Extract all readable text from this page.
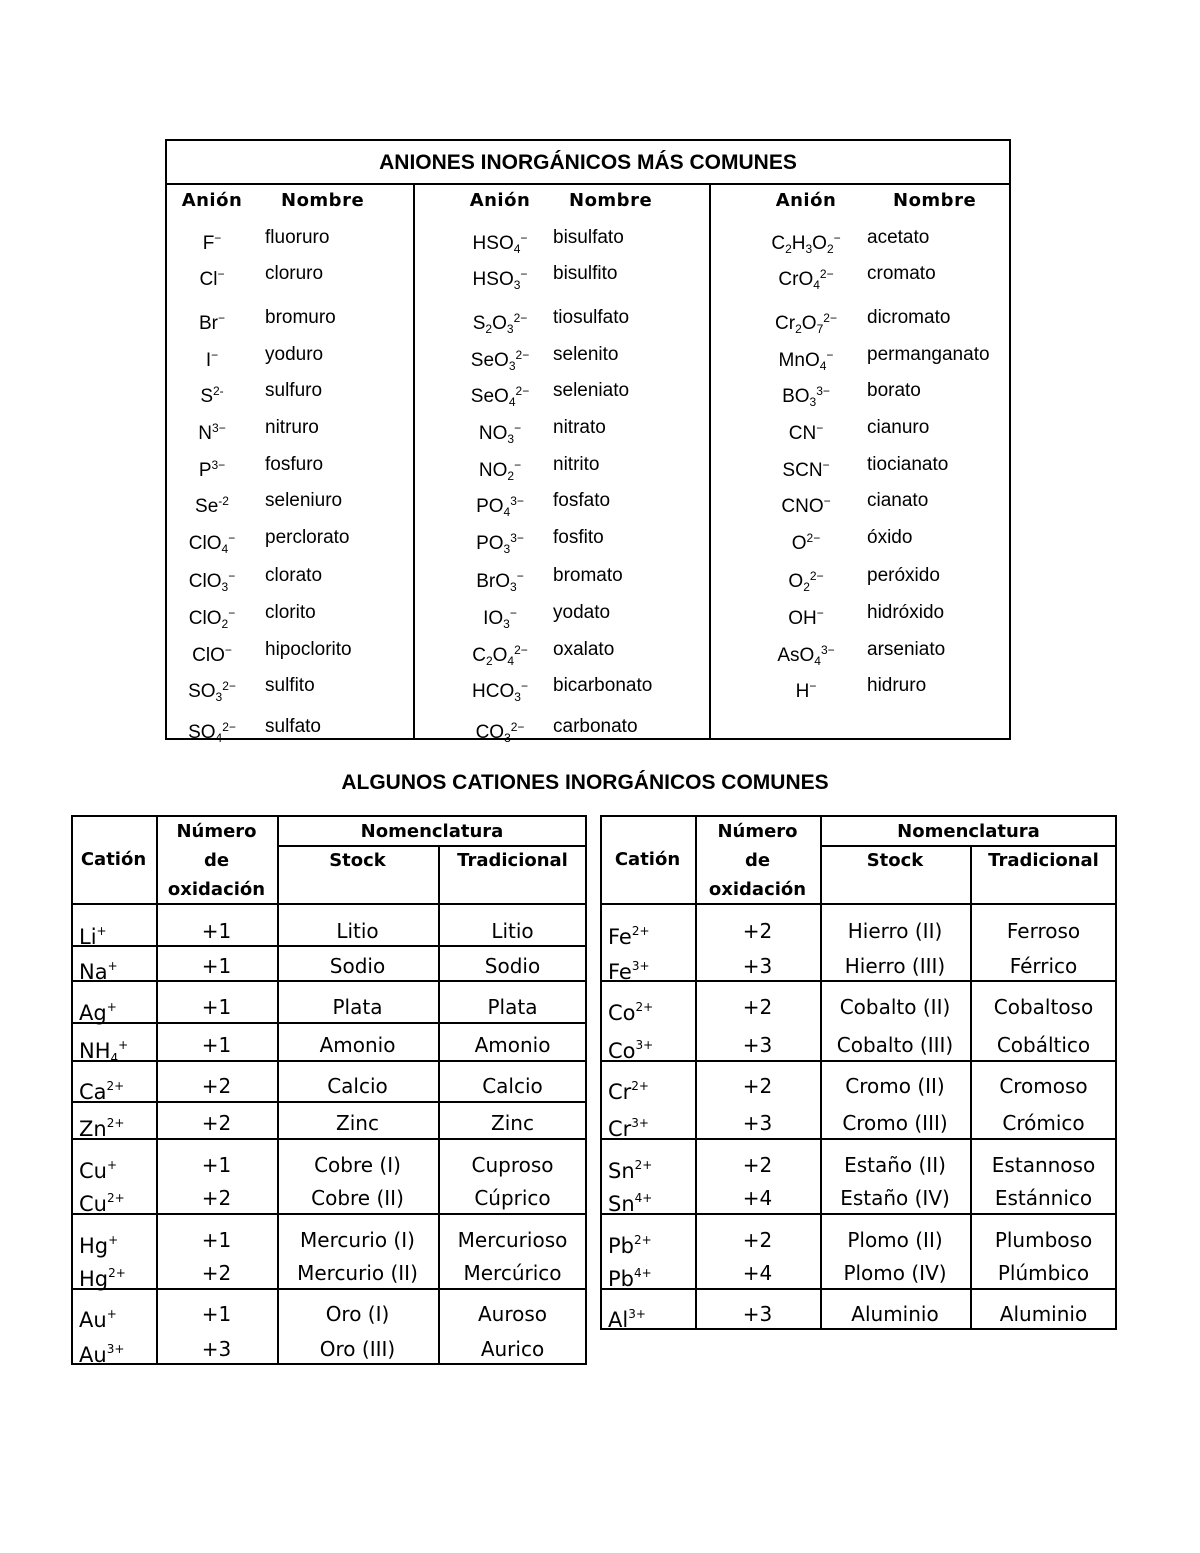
ANIONES INORGÁNICOS MÁS COMUNES
Anión	Nombre
F−	fluoruro
Cl−	cloruro
Br−	bromuro
I−	yoduro
$S^{2-}$	sulfuro
$N^{3-}$	nitruro
$P^{3-}$	fosfuro
$Se^{-2}$	seleniuro
ClO$_4$−	perclorato
ClO$_3$−	clorato
ClO$_2$−	clorito
ClO−	hipoclorito
$SO_3^{2-}$	sulfito
$SO_4^{2-}$	sulfato
Anión	Nombre
$HSO_4^-$	bisulfato
$HSO_3^-$	bisulfito
$S_2O_3^{2-}$	tiosulfato
SeO$_3^{2-}$	selenito
SeO$_4^{2-}$	seleniato
$NO_3^-$	nitrato
$NO_2^-$	nitrito
$PO_4^{3-}$	fosfato
$PO_3^{3-}$	fosfito
BrO$_3$−	bromato
$IO_3^-$	yodato
$C_2O_4^{2-}$	oxalato
$HCO_3^-$	bicarbonato
$CO_3^{2-}$	carbonato
Anión	Nombre
$C_2H_3O_2^-$	acetato
CrO$_4^{2-}$	cromato
$Cr_2O_7^{2-}$	dicromato
MnO$_4$−	permanganato
$BO_3^{3-}$	borato
CN−	cianuro
SCN−	tiocianato
CNO−	cianato
$O^{2-}$	óxido
$O_2^{2-}$	peróxido
OH−	hidróxido
AsO$_4^{3-}$	arseniato
H−	hidruro
ALGUNOS CATIONES INORGÁNICOS COMUNES
Catión
Número
de
oxidación
Nomenclatura
Stock	Tradicional
Li+	+1	Litio	Litio
Na+	+1	Sodio	Sodio
Ag+	+1	Plata	Plata
$NH_4^+$	+1	Amonio	Amonio
$Ca^{2+}$	+2	Calcio	Calcio
$Zn^{2+}$	+2	Zinc	Zinc
Cu+	+1	Cobre (I)	Cuproso
$Cu^{2+}$	+2	Cobre (II)	Cúprico
Hg+	+1	Mercurio (I)	Mercurioso
$Hg^{2+}$	+2	Mercurio (II)	Mercúrico
Au+	+1	Oro (I)	Auroso
$Au^{3+}$	+3	Oro (III)	Aurico
Catión
Número
de
oxidación
Nomenclatura
Stock	Tradicional
$Fe^{2+}$	+2	Hierro (II)	Ferroso
$Fe^{3+}$	+3	Hierro (III)	Férrico
$Co^{2+}$	+2	Cobalto (II)	Cobaltoso
$Co^{3+}$	+3	Cobalto (III)	Cobáltico
$Cr^{2+}$	+2	Cromo (II)	Cromoso
$Cr^{3+}$	+3	Cromo (III)	Crómico
$Sn^{2+}$	+2	Estaño (II)	Estannoso
$Sn^{4+}$	+4	Estaño (IV)	Estánnico
$Pb^{2+}$	+2	Plomo (II)	Plumboso
$Pb^{4+}$	+4	Plomo (IV)	Plúmbico
$Al^{3+}$	+3	Aluminio	Aluminio
